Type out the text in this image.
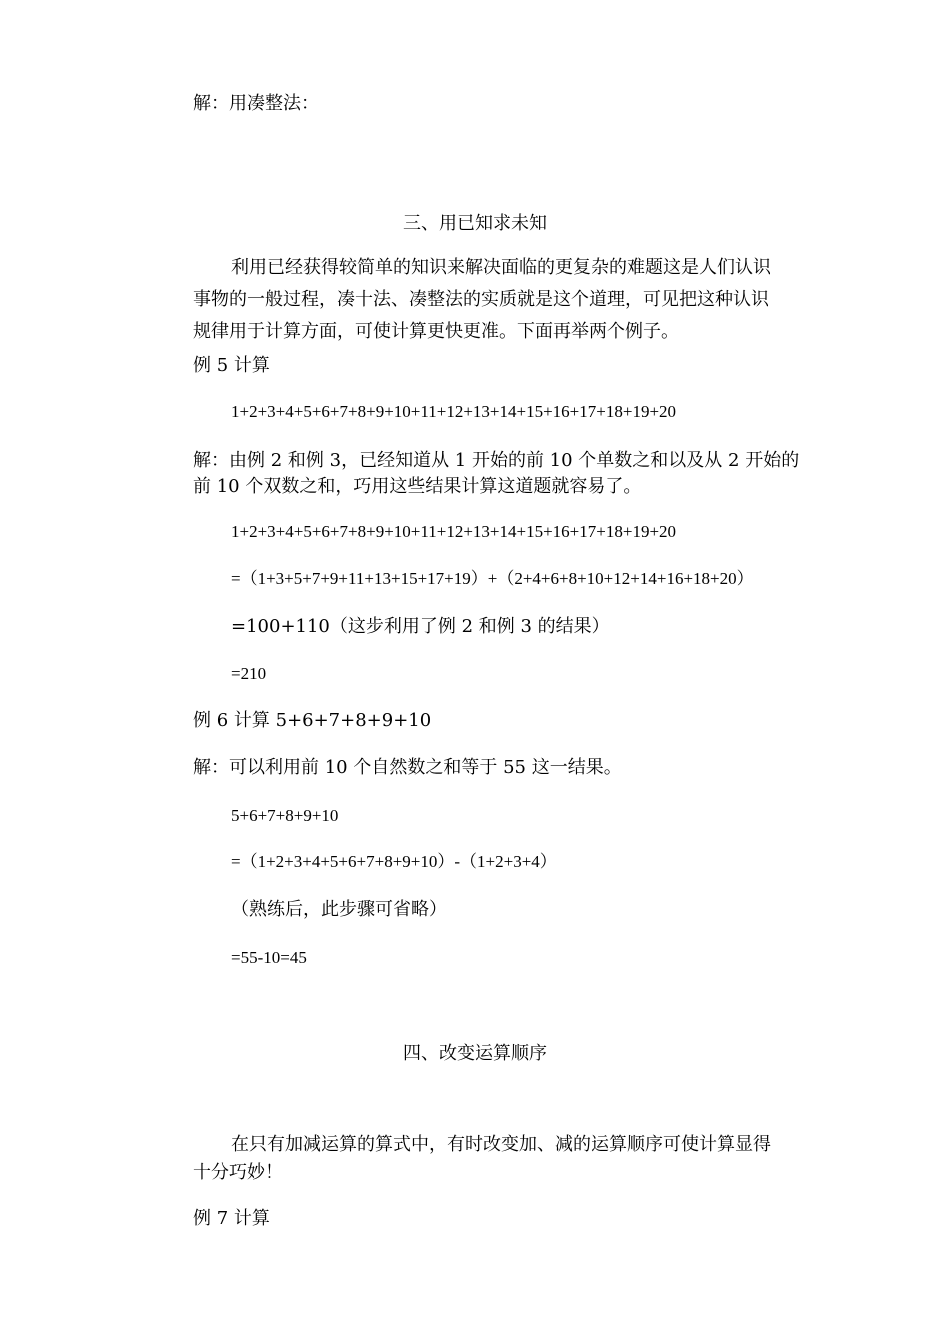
解：用凑整法：
三、用已知求未知
利用已经获得较简单的知识来解决面临的更复杂的难题这是人们认识
事物的一般过程，凑十法、凑整法的实质就是这个道理，可见把这种认识
规律用于计算方面，可使计算更快更准。下面再举两个例子。
例 5 计算
1+2+3+4+5+6+7+8+9+10+11+12+13+14+15+16+17+18+19+20
解：由例 2 和例 3，已经知道从 1 开始的前 10 个单数之和以及从 2 开始的
前 10 个双数之和，巧用这些结果计算这道题就容易了。
1+2+3+4+5+6+7+8+9+10+11+12+13+14+15+16+17+18+19+20
=（1+3+5+7+9+11+13+15+17+19）+（2+4+6+8+10+12+14+16+18+20）
=100+110（这步利用了例 2 和例 3 的结果）
=210
例 6 计算 5+6+7+8+9+10
解：可以利用前 10 个自然数之和等于 55 这一结果。
5+6+7+8+9+10
=（1+2+3+4+5+6+7+8+9+10）-（1+2+3+4）
（熟练后，此步骤可省略）
=55-10=45
四、改变运算顺序
在只有加减运算的算式中，有时改变加、减的运算顺序可使计算显得
十分巧妙！
例 7 计算
